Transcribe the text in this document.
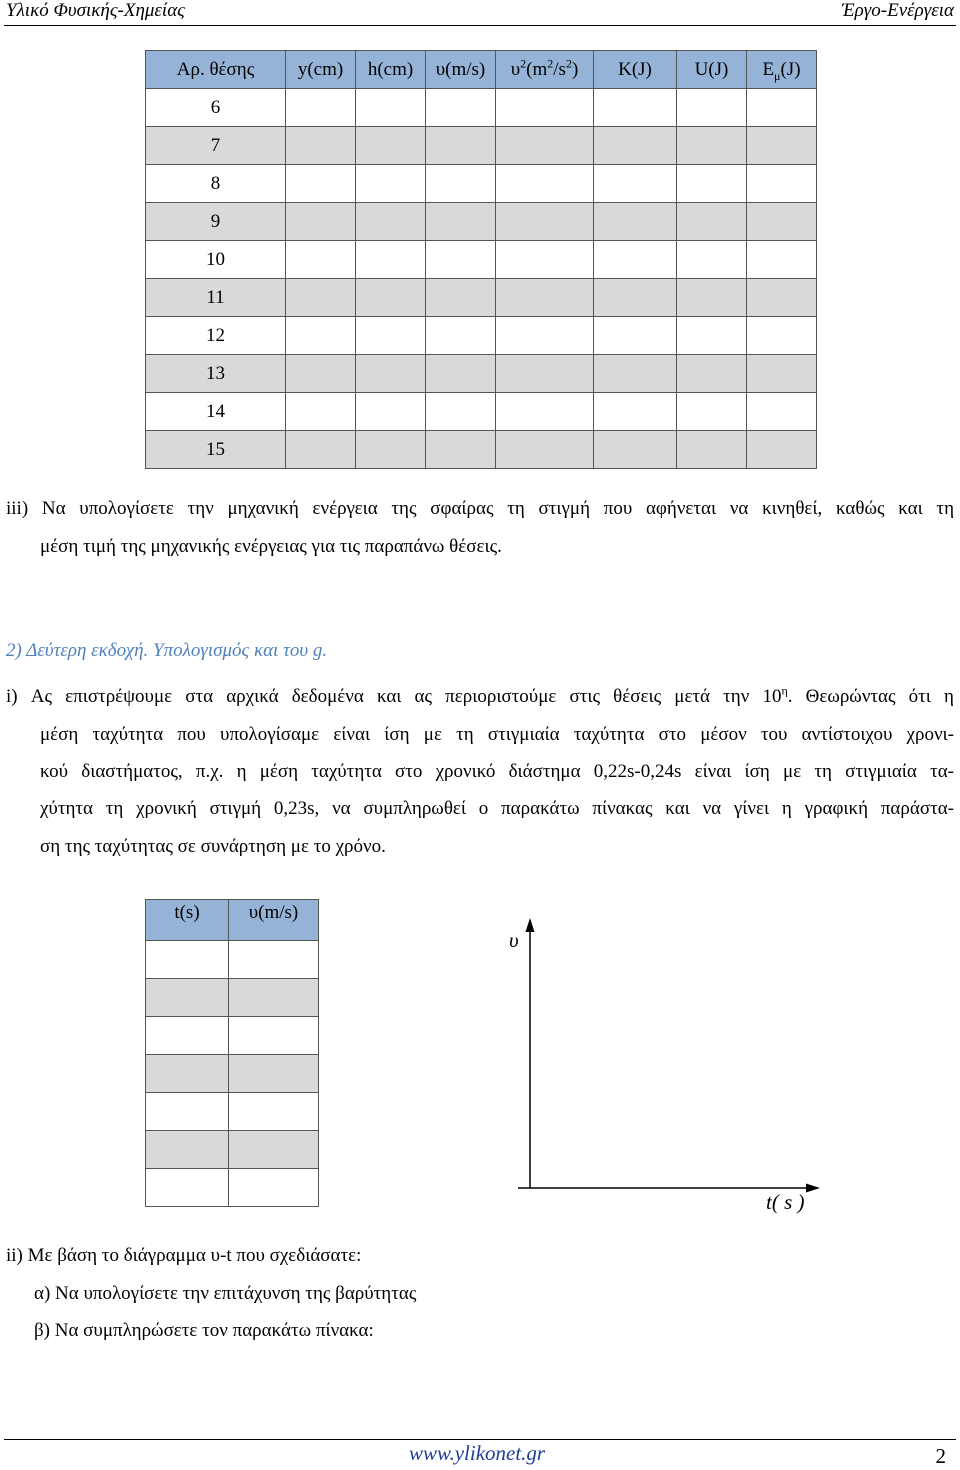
Υλικό Φυσικής-Χημείας	Έργο-Ενέργεια
Αρ. θέσης	y(cm)	h(cm)	υ(m/s)	$\upsilon^2(m^2/s^2)$	K(J)	U(J)	$E_\mu(J)$
6							
7							
8							
9							
10							
11							
12							
13							
14							
15							
iii) Να υπολογίσετε την μηχανική ενέργεια της σφαίρας τη στιγμή που αφήνεται να κινηθεί, καθώς και τη
μέση τιμή της μηχανικής ενέργειας για τις παραπάνω θέσεις.
2) Δεύτερη εκδοχή. Υπολογισμός και του g.
i) Ας επιστρέψουμε στα αρχικά δεδομένα και ας περιοριστούμε στις θέσεις μετά την $10^\eta$. Θεωρώντας ότι η
μέση ταχύτητα που υπολογίσαμε είναι ίση με τη στιγμιαία ταχύτητα στο μέσον του αντίστοιχου χρονι-
κού διαστήματος, π.χ. η μέση ταχύτητα στο χρονικό διάστημα 0,22s-0,24s είναι ίση με τη στιγμιαία τα-
χύτητα τη χρονική στιγμή 0,23s, να συμπληρωθεί ο παρακάτω πίνακας και να γίνει η γραφική παράστα-
ση της ταχύτητας σε συνάρτηση με το χρόνο.
t(s)	υ(m/s)

υ
t( s )
ii) Με βάση το διάγραμμα υ-t που σχεδιάσατε:
α) Να υπολογίσετε την επιτάχυνση της βαρύτητας
β) Να συμπληρώσετε τον παρακάτω πίνακα:
www.ylikonet.gr	2
